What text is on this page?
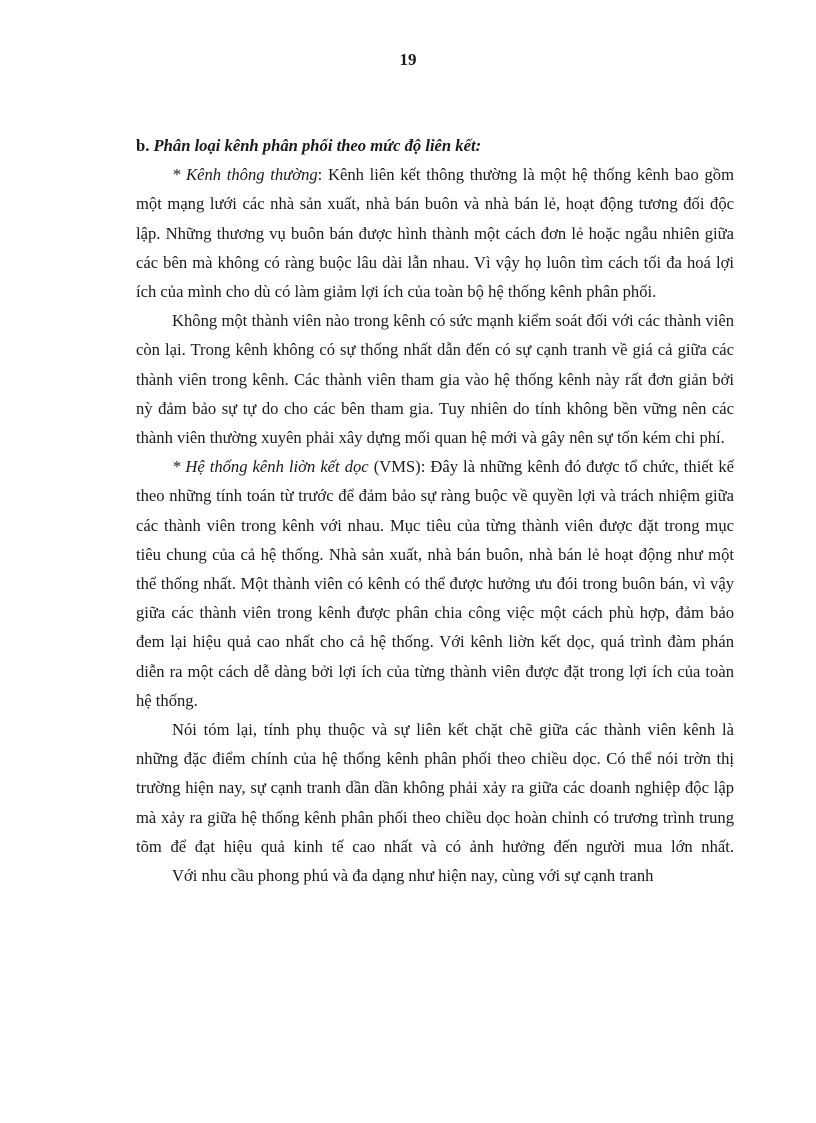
19
b. Phân loại kênh phân phối theo mức độ liên kết:

* Kênh thông thường: Kênh liên kết thông thường là một hệ thống kênh bao gồm một mạng lưới các nhà sản xuất, nhà bán buôn và nhà bán lẻ, hoạt động tương đối độc lập. Những thương vụ buôn bán được hình thành một cách đơn lẻ hoặc ngẫu nhiên giữa các bên mà không có ràng buộc lâu dài lẫn nhau. Vì vậy họ luôn tìm cách tối đa hoá lợi ích của mình cho dù có làm giảm lợi ích của toàn bộ hệ thống kênh phân phối.

Không một thành viên nào trong kênh có sức mạnh kiểm soát đối với các thành viên còn lại. Trong kênh không có sự thống nhất dẫn đến có sự cạnh tranh về giá cả giữa các thành viên trong kênh. Các thành viên tham gia vào hệ thống kênh này rất đơn giản bởi nỳ đảm bảo sự tự do cho các bên tham gia. Tuy nhiên do tính không bền vững nên các thành viên thường xuyên phải xây dựng mối quan hệ mới và gây nên sự tốn kém chi phí.

* Hệ thống kênh liờn kết dọc (VMS): Đây là những kênh đó được tổ chức, thiết kế theo những tính toán từ trước để đảm bảo sự ràng buộc về quyền lợi và trách nhiệm giữa các thành viên trong kênh với nhau. Mục tiêu của từng thành viên được đặt trong mục tiêu chung của cả hệ thống. Nhà sản xuất, nhà bán buôn, nhà bán lẻ hoạt động như một thể thống nhất. Một thành viên có kênh có thể được hưởng ưu đói trong buôn bán, vì vậy giữa các thành viên trong kênh được phân chia công việc một cách phù hợp, đảm bảo đem lại hiệu quả cao nhất cho cả hệ thống. Với kênh liờn kết dọc, quá trình đàm phán diễn ra một cách dễ dàng bởi lợi ích của từng thành viên được đặt trong lợi ích của toàn hệ thống.

Nói tóm lại, tính phụ thuộc và sự liên kết chặt chẽ giữa các thành viên kênh là những đặc điểm chính của hệ thống kênh phân phối theo chiều dọc. Có thể nói trờn thị trường hiện nay, sự cạnh tranh dần dần không phải xảy ra giữa các doanh nghiệp độc lập mà xảy ra giữa hệ thống kênh phân phối theo chiều dọc hoàn chỉnh có trương trình trung tõm để đạt hiệu quả kinh tế cao nhất và có ảnh hưởng đến người mua lớn nhất.

Với nhu cầu phong phú và đa dạng như hiện nay, cùng với sự cạnh tranh
